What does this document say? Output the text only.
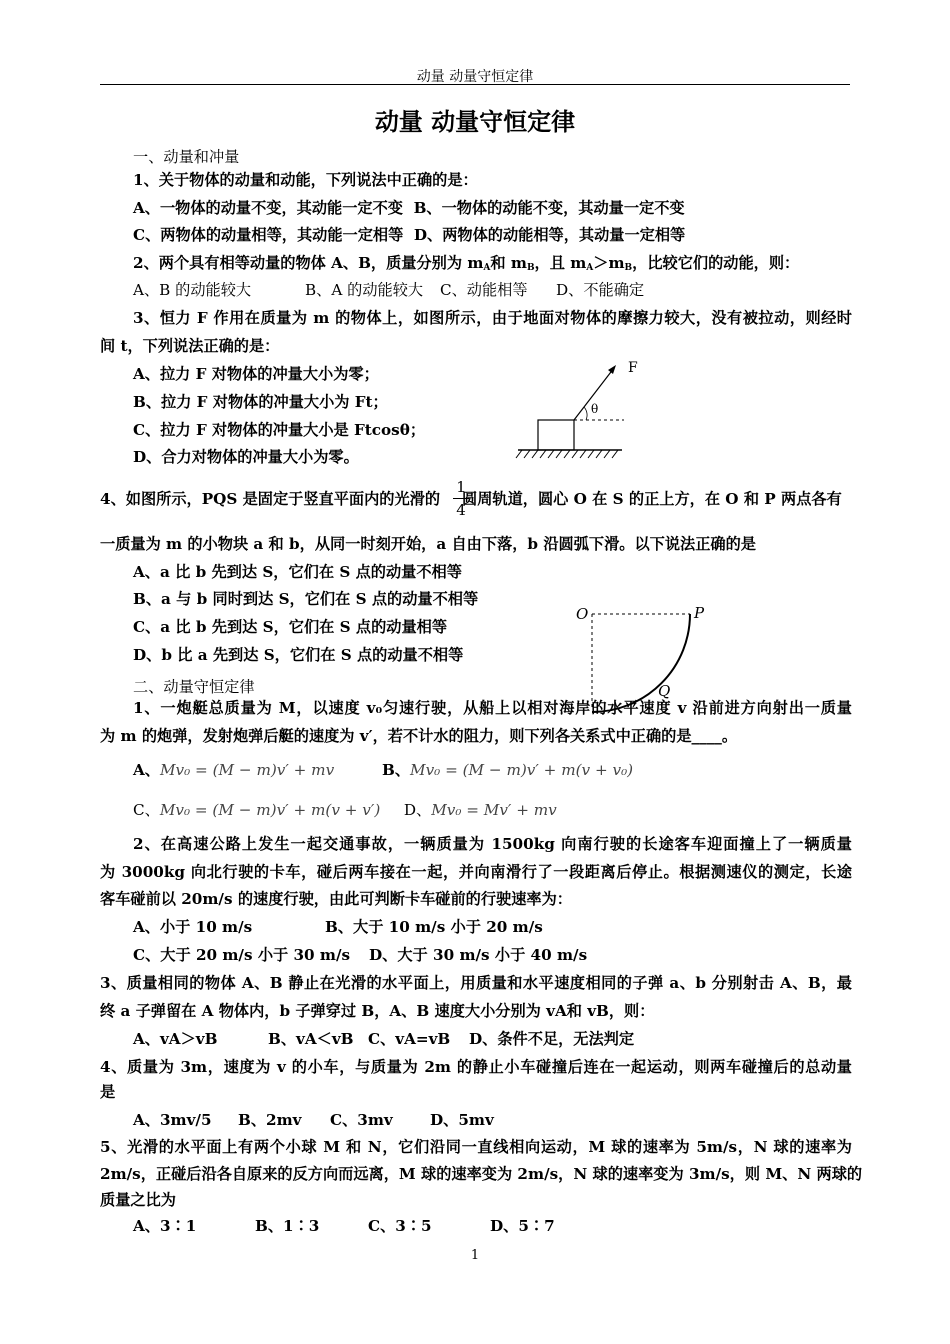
动量 动量守恒定律
动量 动量守恒定律
一、动量和冲量
1、关于物体的动量和动能，下列说法中正确的是：
A、一物体的动量不变，其动能一定不变 B、一物体的动能不变，其动量一定不变
C、两物体的动量相等，其动能一定相等 D、两物体的动能相等，其动量一定相等
2、两个具有相等动量的物体 A、B，质量分别为 $m_A$和 $m_B$，且 $m_A>m_B$，比较它们的动能，则：
A、B 的动能较大	B、A 的动能较大 C、动能相等 D、不能确定
3、恒力 F 作用在质量为 m 的物体上，如图所示，由于地面对物体的摩擦力较大，没有被拉动，则经时
间 t，下列说法正确的是：
A、拉力 F 对物体的冲量大小为零；
B、拉力 F 对物体的冲量大小为 Ft；
C、拉力 F 对物体的冲量大小是 Ftcosθ；
D、合力对物体的冲量大小为零。
F
θ
4、如图所示，PQS 是固定于竖直平面内的光滑的 圆周轨道，圆心 O 在 S 的正上方，在 O 和 P 两点各有
1
4
一质量为 m 的小物块 a 和 b，从同一时刻开始，a 自由下落，b 沿圆弧下滑。以下说法正确的是
A、a 比 b 先到达 S，它们在 S 点的动量不相等
B、a 与 b 同时到达 S，它们在 S 点的动量不相等
C、a 比 b 先到达 S，它们在 S 点的动量相等
D、b 比 a 先到达 S，它们在 S 点的动量不相等
O	P
Q
二、动量守恒定律
1、一炮艇总质量为 M，以速度 v₀匀速行驶，从船上以相对海岸的水平速度 v 沿前进方向射出一质量
为 m 的炮弹，发射炮弹后艇的速度为 v′，若不计水的阻力，则下列各关系式中正确的是____。
A、Mv₀ = (M − m)v′ + mv	B、Mv₀ = (M − m)v′ + m(v + v₀)
C、Mv₀ = (M − m)v′ + m(v + v′) D、Mv₀ = Mv′ + mv
2、在高速公路上发生一起交通事故，一辆质量为 1500kg 向南行驶的长途客车迎面撞上了一辆质量
为 3000kg 向北行驶的卡车，碰后两车接在一起，并向南滑行了一段距离后停止。根据测速仪的测定，长途
客车碰前以 20m/s 的速度行驶，由此可判断卡车碰前的行驶速率为：
A、小于 10 m/s	B、大于 10 m/s 小于 20 m/s
C、大于 20 m/s 小于 30 m/s D、大于 30 m/s 小于 40 m/s
3、质量相同的物体 A、B 静止在光滑的水平面上，用质量和水平速度相同的子弹 a、b 分别射击 A、B，最
终 a 子弹留在 A 物体内，b 子弹穿过 B，A、B 速度大小分别为 vA和 vB，则：
A、vA＞vB	B、vA＜vB C、vA=vB D、条件不足，无法判定
4、质量为 3m，速度为 v 的小车，与质量为 2m 的静止小车碰撞后连在一起运动，则两车碰撞后的总动量
是
A、3mv/5 B、2mv C、3mv D、5mv
5、光滑的水平面上有两个小球 M 和 N，它们沿同一直线相向运动，M 球的速率为 5m/s，N 球的速率为
2m/s，正碰后沿各自原来的反方向而远离，M 球的速率变为 2m/s，N 球的速率变为 3m/s，则 M、N 两球的
质量之比为
A、3∶1	B、1∶3	C、3∶5	D、5∶7
1
